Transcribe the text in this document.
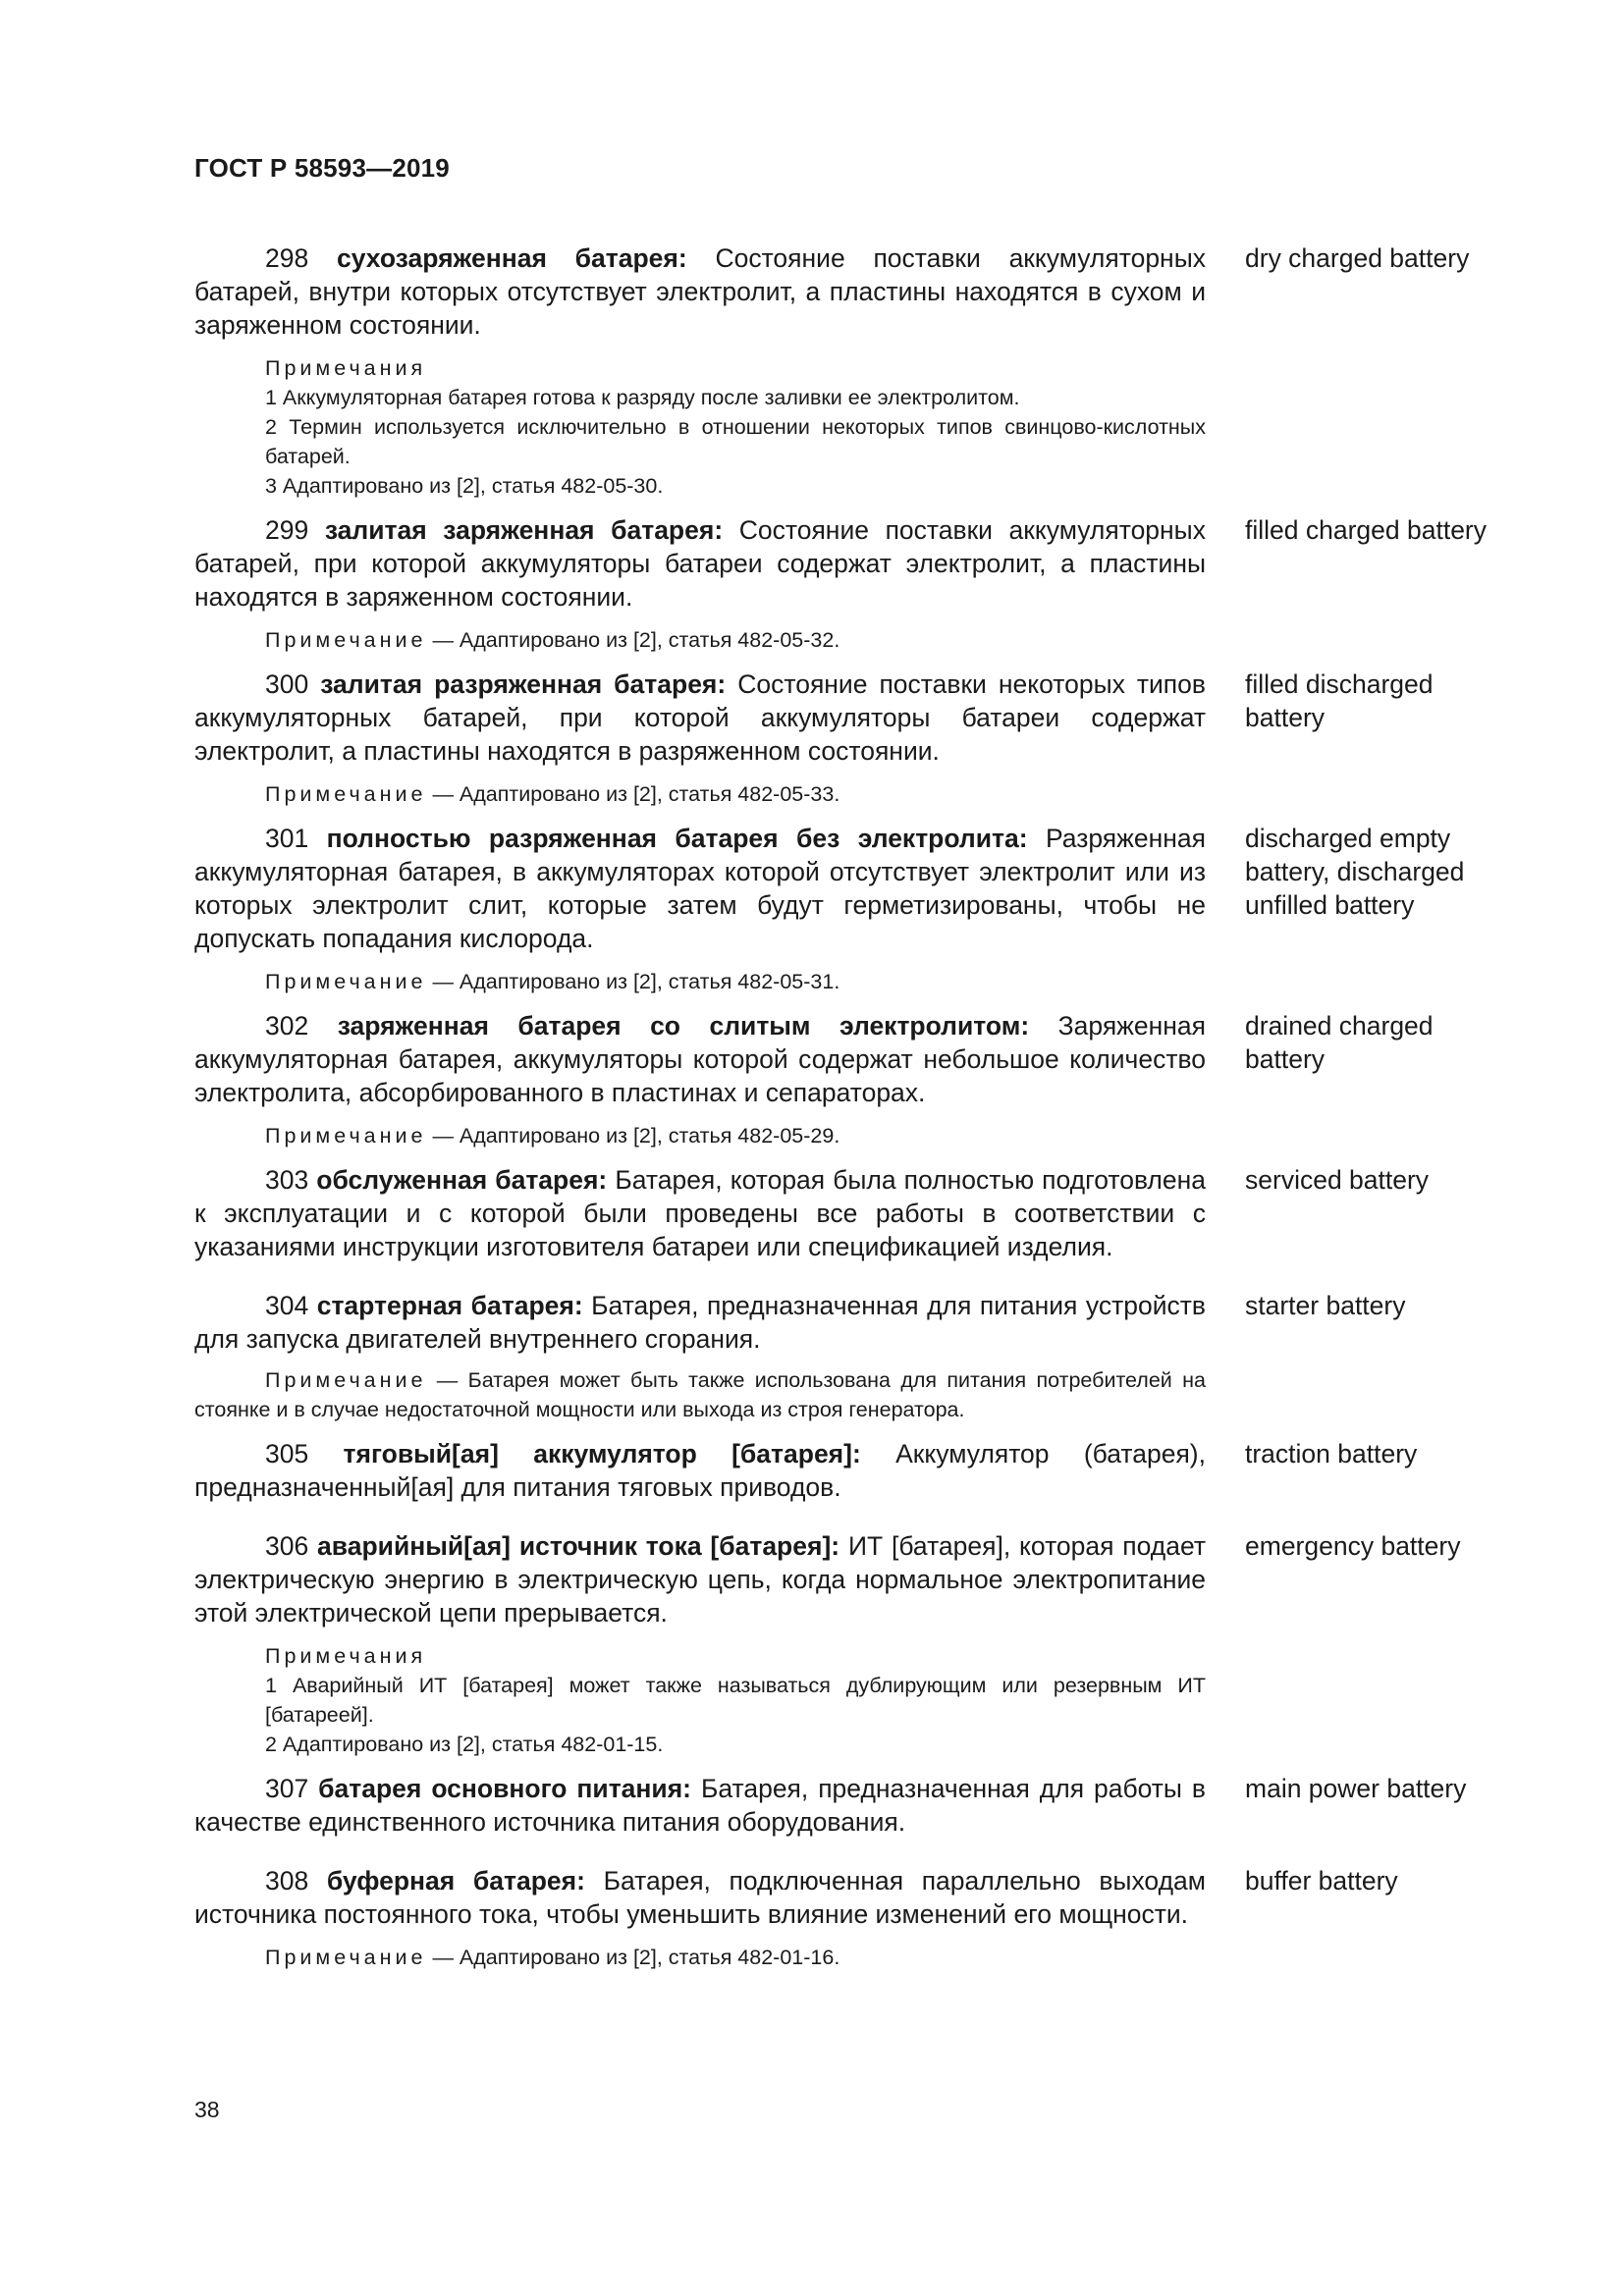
ГОСТ Р 58593—2019

298 сухозаряженная батарея: Состояние поставки аккумуляторных батарей, внутри которых отсутствует электролит, а пластины находятся в сухом и заряженном состоянии.

Примечания
1 Аккумуляторная батарея готова к разряду после заливки ее электролитом.
2 Термин используется исключительно в отношении некоторых типов свинцово-кислотных батарей.
3 Адаптировано из [2], статья 482-05-30.
dry charged battery

299 залитая заряженная батарея: Состояние поставки аккумуляторных батарей, при которой аккумуляторы батареи содержат электролит, а пластины находятся в заряженном состоянии.

Примечание — Адаптировано из [2], статья 482-05-32.
filled charged battery

300 залитая разряженная батарея: Состояние поставки некоторых типов аккумуляторных батарей, при которой аккумуляторы батареи содержат электролит, а пластины находятся в разряженном состоянии.

Примечание — Адаптировано из [2], статья 482-05-33.
filled discharged battery

301 полностью разряженная батарея без электролита: Разряженная аккумуляторная батарея, в аккумуляторах которой отсутствует электролит или из которых электролит слит, которые затем будут герметизированы, чтобы не допускать попадания кислорода.

Примечание — Адаптировано из [2], статья 482-05-31.
discharged empty battery, discharged unfilled battery

302 заряженная батарея со слитым электролитом: Заряженная аккумуляторная батарея, аккумуляторы которой содержат небольшое количество электролита, абсорбированного в пластинах и сепараторах.

Примечание — Адаптировано из [2], статья 482-05-29.
drained charged battery

303 обслуженная батарея: Батарея, которая была полностью подготовлена к эксплуатации и с которой были проведены все работы в соответствии с указаниями инструкции изготовителя батареи или спецификацией изделия.

serviced battery

304 стартерная батарея: Батарея, предназначенная для питания устройств для запуска двигателей внутреннего сгорания.

Примечание — Батарея может быть также использована для питания потребителей на стоянке и в случае недостаточной мощности или выхода из строя генератора.
starter battery

305 тяговый[ая] аккумулятор [батарея]: Аккумулятор (батарея), предназначенный[ая] для питания тяговых приводов.

traction battery

306 аварийный[ая] источник тока [батарея]: ИТ [батарея], которая подает электрическую энергию в электрическую цепь, когда нормальное электропитание этой электрической цепи прерывается.

Примечания
1 Аварийный ИТ [батарея] может также называться дублирующим или резервным ИТ [батареей].
2 Адаптировано из [2], статья 482-01-15.
emergency battery

307 батарея основного питания: Батарея, предназначенная для работы в качестве единственного источника питания оборудования.

main power battery

308 буферная батарея: Батарея, подключенная параллельно выходам источника постоянного тока, чтобы уменьшить влияние изменений его мощности.

Примечание — Адаптировано из [2], статья 482-01-16.
buffer battery
38
